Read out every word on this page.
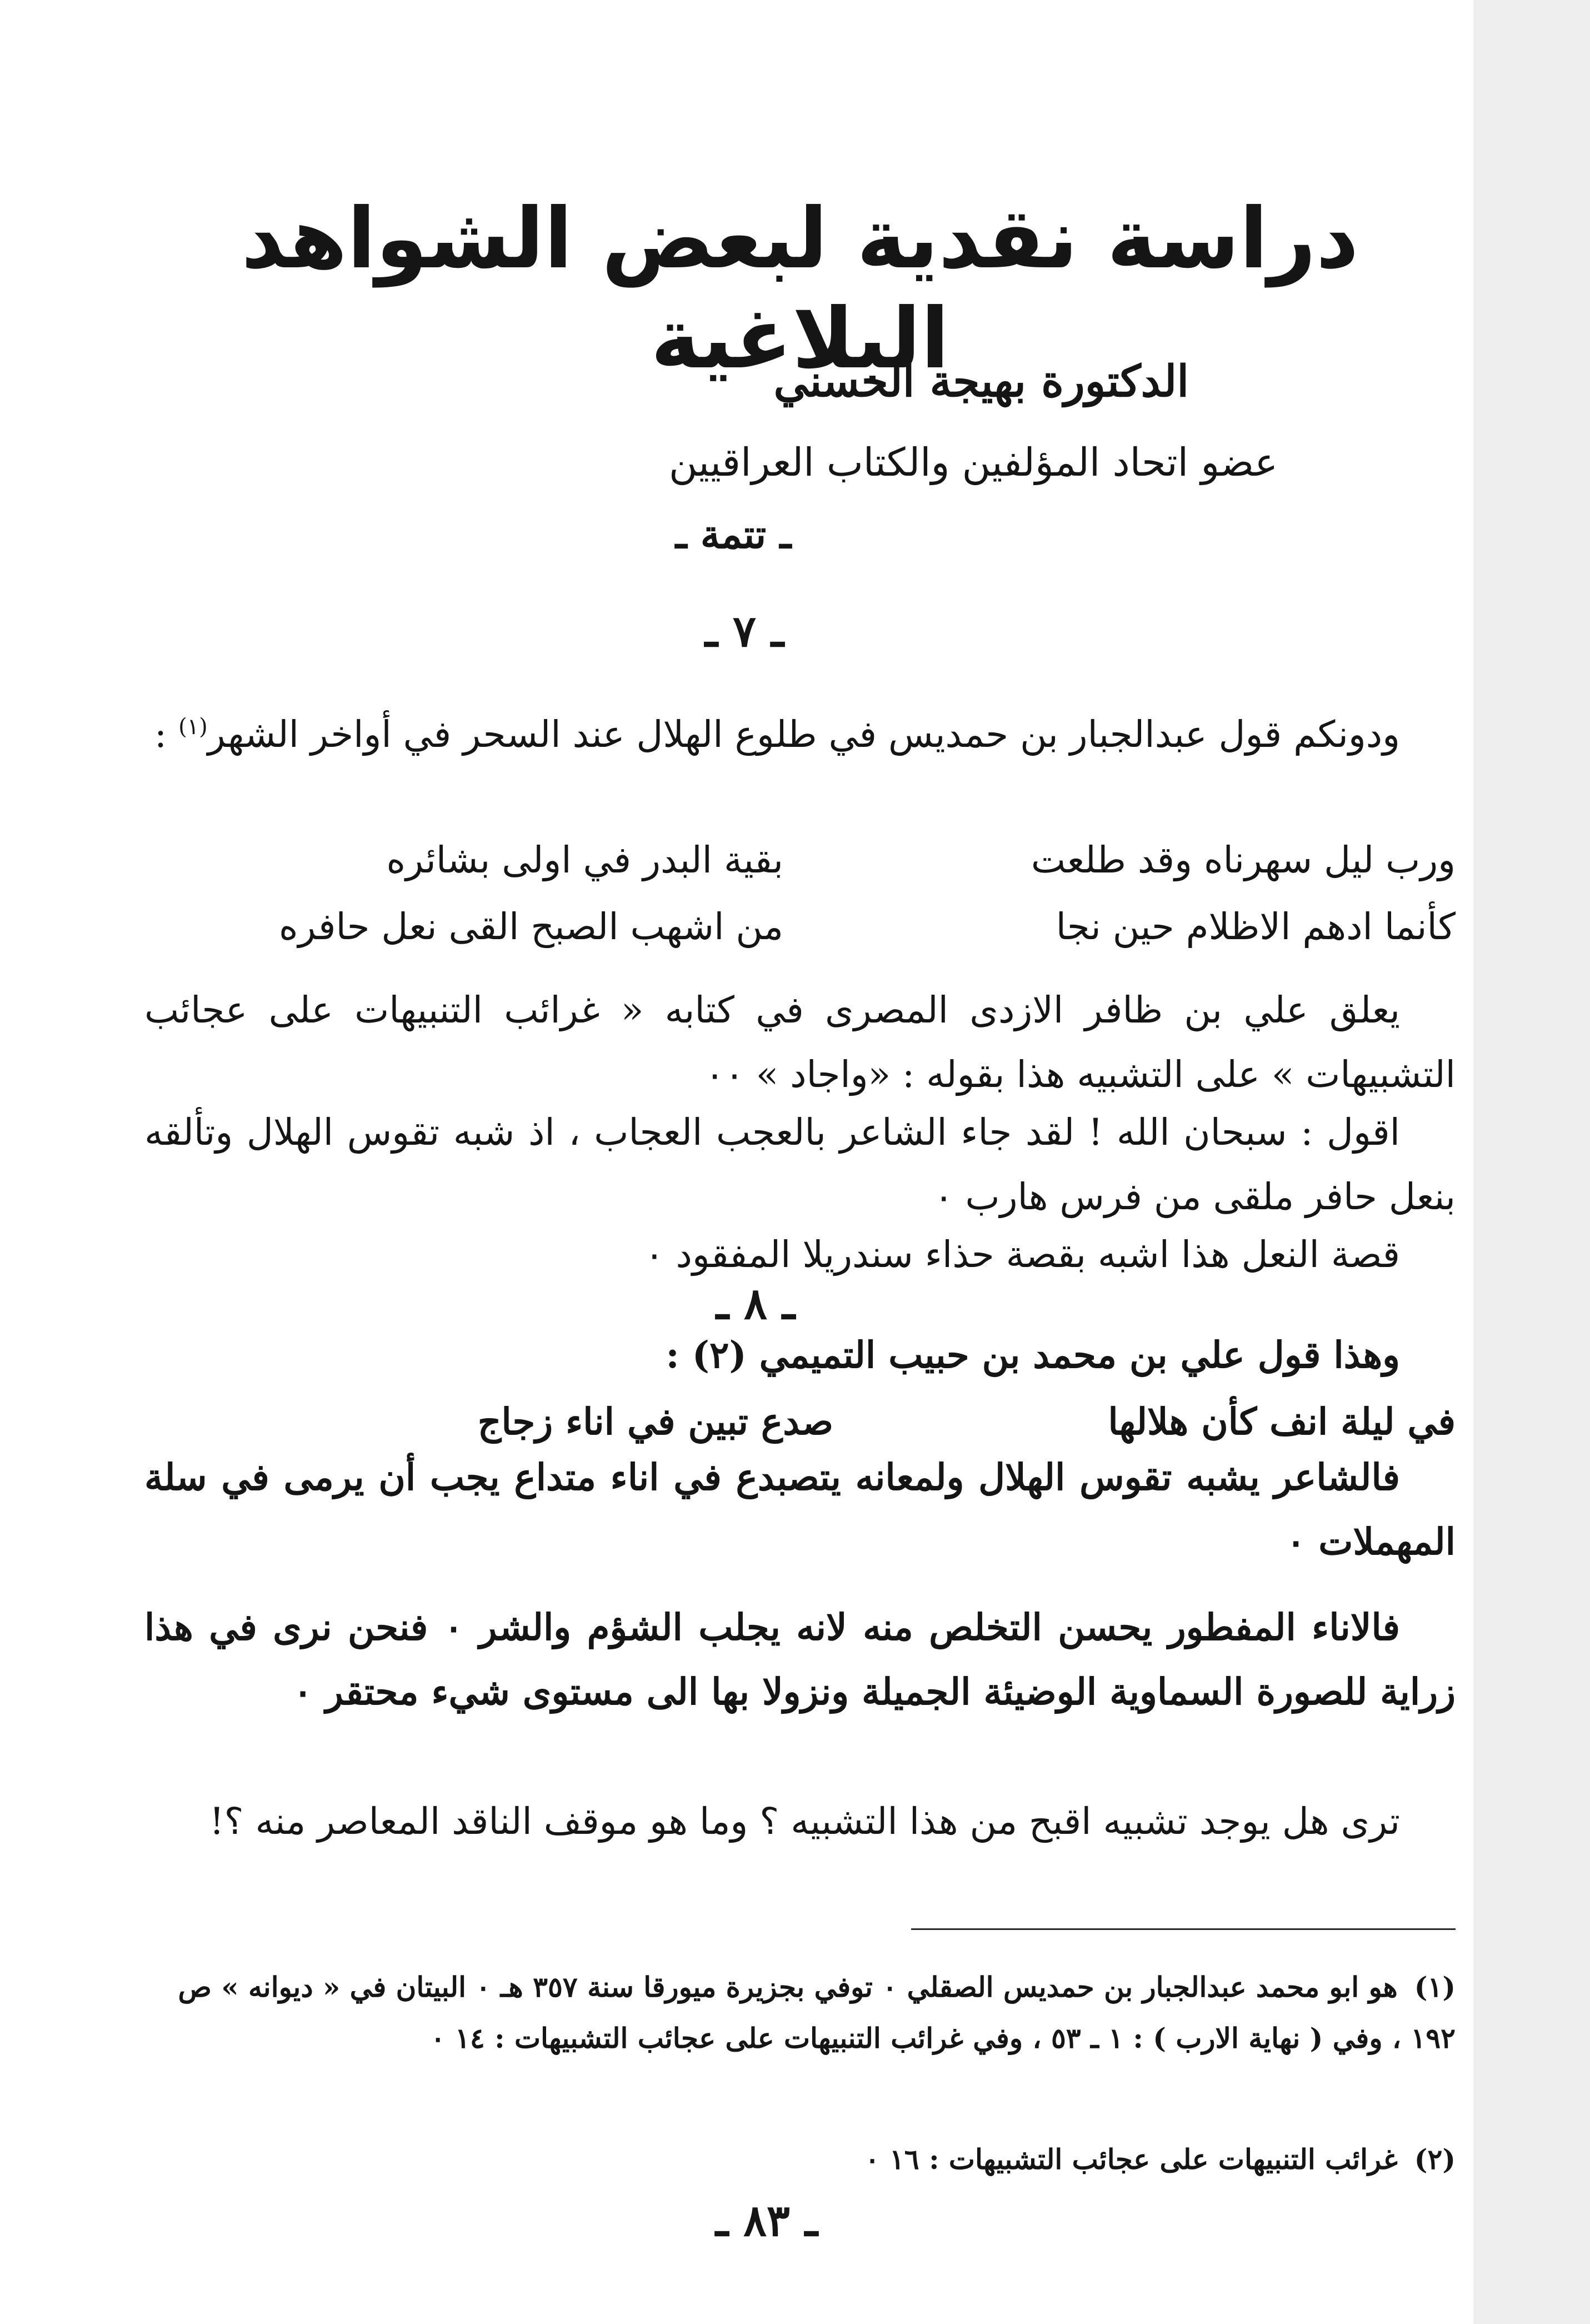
دراسة نقدية لبعض الشواهد البلاغية
الدكتورة بهيجة الحسني
عضو اتحاد المؤلفين والكتاب العراقيين
ـ تتمة ـ
ـ ٧ ـ

ودونكم قول عبدالجبار بن حمديس في طلوع الهلال عند السحر في أواخر الشهر$^{(١)}$ :

ورب ليل سهرناه وقد طلعت
بقية البدر في اولى بشائره
كأنما ادهم الاظلام حين نجا
من اشهب الصبح القى نعل حافره

يعلق علي بن ظافر الازدى المصرى في كتابه « غرائب التنبيهات على عجائب التشبيهات » على التشبيه هذا بقوله : «واجاد » ٠٠

اقول : سبحان الله ! لقد جاء الشاعر بالعجب العجاب ، اذ شبه تقوس الهلال وتألقه بنعل حافر ملقى من فرس هارب ٠

قصة النعل هذا اشبه بقصة حذاء سندريلا المفقود ٠

ـ ٨ ـ

وهذا قول علي بن محمد بن حبيب التميمي (٢) :

في ليلة انف كأن هلالها
صدع تبين في اناء زجاج

فالشاعر يشبه تقوس الهلال ولمعانه يتصبدع في اناء متداع يجب أن يرمى في سلة المهملات ٠

فالاناء المفطور يحسن التخلص منه لانه يجلب الشؤم والشر ٠ فنحن نرى في هذا زراية للصورة السماوية الوضيئة الجميلة ونزولا بها الى مستوى شيء محتقر ٠

ترى هل يوجد تشبيه اقبح من هذا التشبيه ؟ وما هو موقف الناقد المعاصر منه ؟!

(١)هو ابو محمد عبدالجبار بن حمديس الصقلي ٠ توفي بجزيرة ميورقا سنة ٣٥٧ هـ ٠ البيتان في « ديوانه » ص ١٩٢ ، وفي ( نهاية الارب ) : ١ ـ ٥٣ ، وفي غرائب التنبيهات على عجائب التشبيهات : ١٤ ٠
(٢)غرائب التنبيهات على عجائب التشبيهات : ١٦ ٠
ـ ٨٣ ـ
